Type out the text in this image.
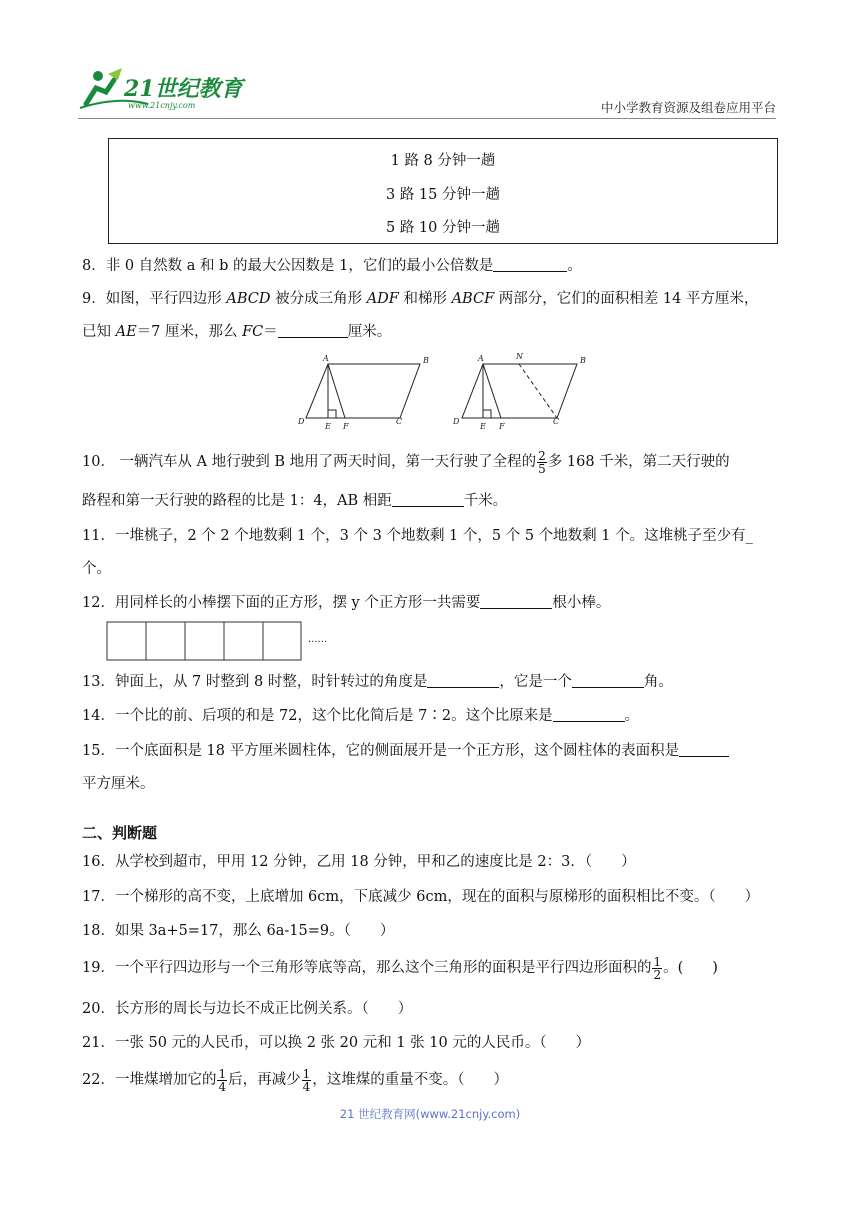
21世纪教育
www.21cnjy.com	中小学教育资源及组卷应用平台
1 路 8 分钟一趟
3 路 15 分钟一趟
5 路 10 分钟一趟
8．非 0 自然数 a 和 b 的最大公因数是 1，它们的最小公倍数是	。
9．如图，平行四边形 ABCD 被分成三角形 ADF 和梯形 ABCF 两部分，它们的面积相差 14 平方厘米，
已知 AE＝7 厘米，那么 FC＝	厘米。
A	B
D
E F
C
A	N	B
D
E F
C
10． 一辆汽车从 A 地行驶到 B 地用了两天时间，第一天行驶了全程的 $\frac{2}{5}$ 多 168 千米，第二天行驶的
路程和第一天行驶的路程的比是 1：4，AB 相距	千米。
11．一堆桃子，2 个 2 个地数剩 1 个，3 个 3 个地数剩 1 个，5 个 5 个地数剩 1 个。这堆桃子至少有_
个。
12．用同样长的小棒摆下面的正方形，摆 y 个正方形一共需要	根小棒。
······
13．钟面上，从 7 时整到 8 时整，时针转过的角度是	，它是一个	角。
14．一个比的前、后项的和是 72，这个比化简后是 7∶2。这个比原来是	。
15．一个底面积是 18 平方厘米圆柱体，它的侧面展开是一个正方形，这个圆柱体的表面积是
平方厘米。
二、判断题
16．从学校到超市，甲用 12 分钟，乙用 18 分钟，甲和乙的速度比是 2：3．（　　）
17．一个梯形的高不变，上底增加 6cm，下底减少 6cm，现在的面积与原梯形的面积相比不变。（　　）
18．如果 3a+5=17，那么 6a-15=9。（　　）
19．一个平行四边形与一个三角形等底等高，那么这个三角形的面积是平行四边形面积的 $\frac{1}{2}$ 。(　　)
20．长方形的周长与边长不成正比例关系。（　　）
21．一张 50 元的人民币，可以换 2 张 20 元和 1 张 10 元的人民币。（　　）
22．一堆煤增加它的 $\frac{1}{4}$ 后，再减少 $\frac{1}{4}$ ，这堆煤的重量不变。（　　）
21 世纪教育网(www.21cnjy.com)
